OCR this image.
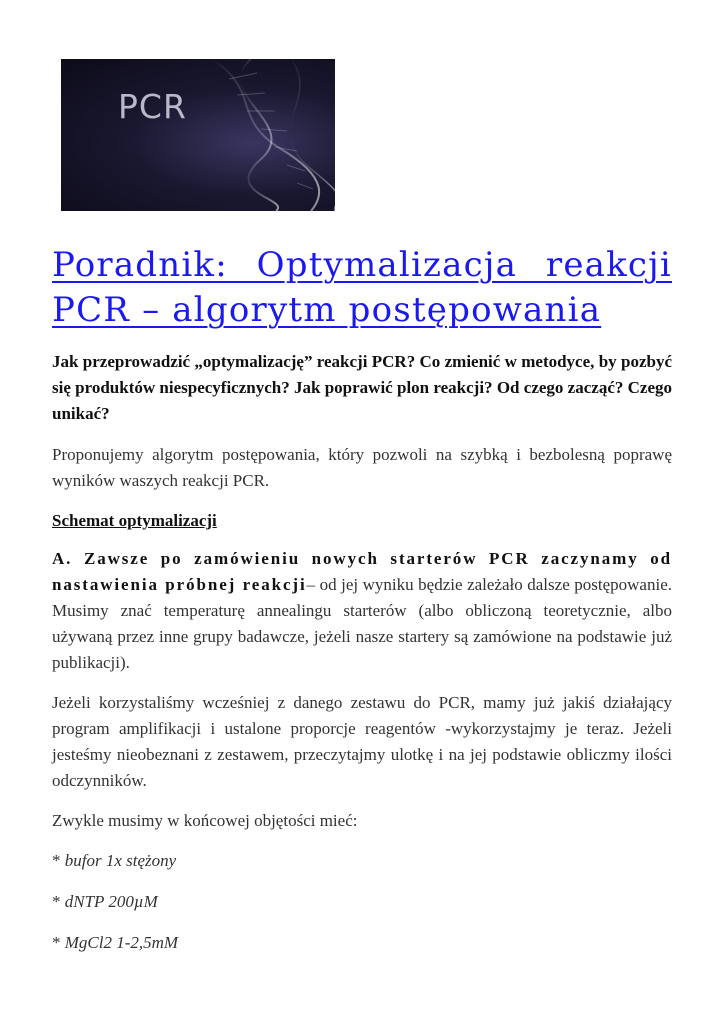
PCR
Poradnik: Optymalizacja reakcji PCR – algorytm postępowania

Jak przeprowadzić „optymalizację” reakcji PCR? Co zmienić w metodyce, by pozbyć się produktów niespecyficznych? Jak poprawić plon reakcji? Od czego zacząć? Czego unikać?

Proponujemy algorytm postępowania, który pozwoli na szybką i bezbolesną poprawę wyników waszych reakcji PCR.

Schemat optymalizacji

A. Zawsze po zamówieniu nowych starterów PCR zaczynamy od nastawienia próbnej reakcji– od jej wyniku będzie zależało dalsze postępowanie. Musimy znać temperaturę annealingu starterów (albo obliczoną teoretycznie, albo używaną przez inne grupy badawcze, jeżeli nasze startery są zamówione na podstawie już publikacji).

Jeżeli korzystaliśmy wcześniej z danego zestawu do PCR, mamy już jakiś działający program amplifikacji i ustalone proporcje reagentów -wykorzystajmy je teraz. Jeżeli jesteśmy nieobeznani z zestawem, przeczytajmy ulotkę i na jej podstawie obliczmy ilości odczynników.

Zwykle musimy w końcowej objętości mieć:

* bufor 1x stężony

* dNTP 200µM

* MgCl2 1-2,5mM
